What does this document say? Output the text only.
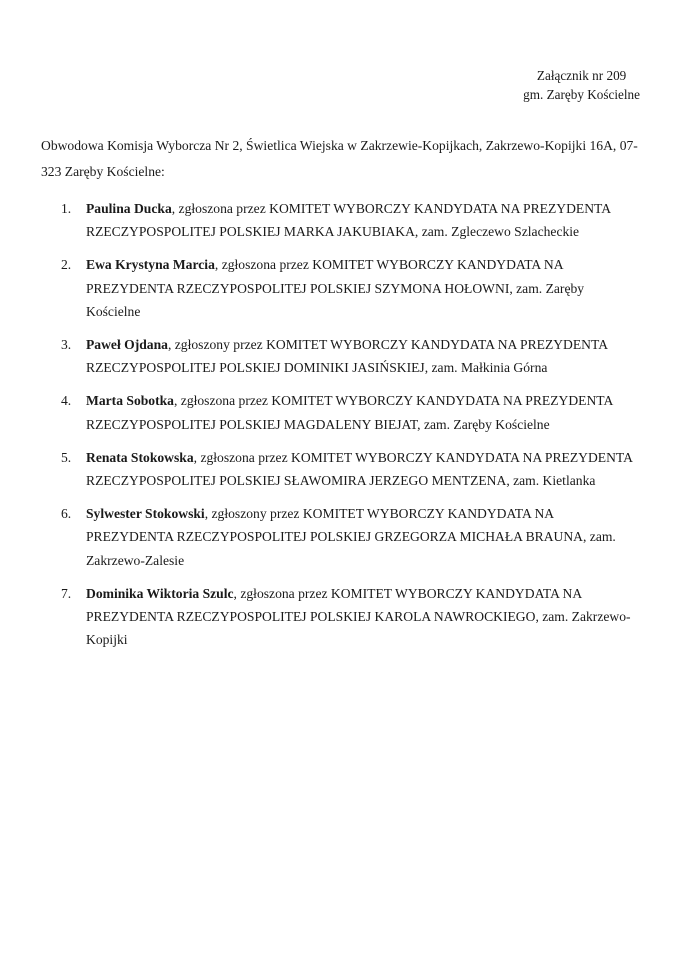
Załącznik nr 209
gm. Zaręby Kościelne

Obwodowa Komisja Wyborcza Nr 2, Świetlica Wiejska w Zakrzewie-Kopijkach, Zakrzewo-Kopijki 16A, 07-323 Zaręby Kościelne:

1.	Paulina Ducka, zgłoszona przez KOMITET WYBORCZY KANDYDATA NA PREZYDENTA RZECZYPOSPOLITEJ POLSKIEJ MARKA JAKUBIAKA, zam. Zgleczewo Szlacheckie
2.	Ewa Krystyna Marcia, zgłoszona przez KOMITET WYBORCZY KANDYDATA NA PREZYDENTA RZECZYPOSPOLITEJ POLSKIEJ SZYMONA HOŁOWNI, zam. Zaręby Kościelne
3.	Paweł Ojdana, zgłoszony przez KOMITET WYBORCZY KANDYDATA NA PREZYDENTA RZECZYPOSPOLITEJ POLSKIEJ DOMINIKI JASIŃSKIEJ, zam. Małkinia Górna
4.	Marta Sobotka, zgłoszona przez KOMITET WYBORCZY KANDYDATA NA PREZYDENTA RZECZYPOSPOLITEJ POLSKIEJ MAGDALENY BIEJAT, zam. Zaręby Kościelne
5.	Renata Stokowska, zgłoszona przez KOMITET WYBORCZY KANDYDATA NA PREZYDENTA RZECZYPOSPOLITEJ POLSKIEJ SŁAWOMIRA JERZEGO MENTZENA, zam. Kietlanka
6.	Sylwester Stokowski, zgłoszony przez KOMITET WYBORCZY KANDYDATA NA PREZYDENTA RZECZYPOSPOLITEJ POLSKIEJ GRZEGORZA MICHAŁA BRAUNA, zam. Zakrzewo-Zalesie
7.	Dominika Wiktoria Szulc, zgłoszona przez KOMITET WYBORCZY KANDYDATA NA PREZYDENTA RZECZYPOSPOLITEJ POLSKIEJ KAROLA NAWROCKIEGO, zam. Zakrzewo-Kopijki
